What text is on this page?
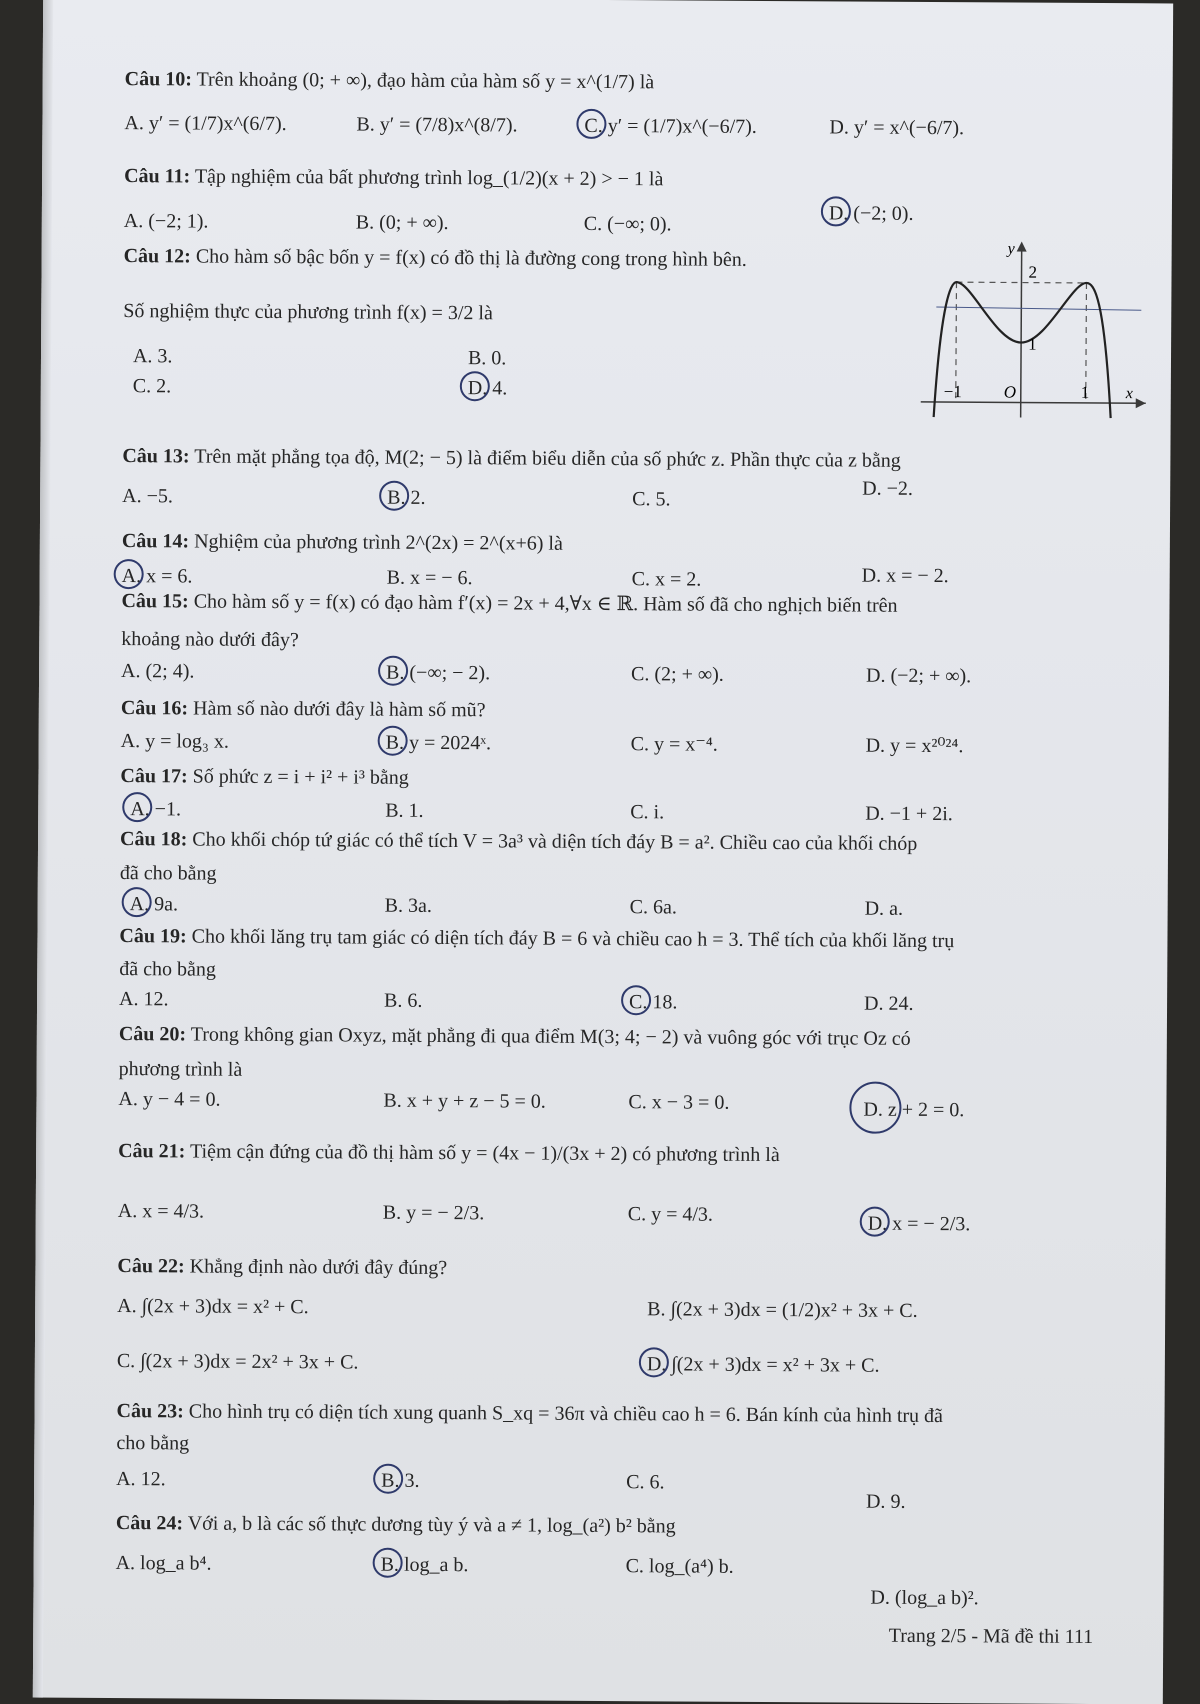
Câu 10: Trên khoảng (0; + ∞), đạo hàm của hàm số y = x^(1/7) là
A. y′ = (1/7)x^(6/7).	B. y′ = (7/8)x^(8/7).	C. y′ = (1/7)x^(−6/7).	D. y′ = x^(−6/7).
Câu 11: Tập nghiệm của bất phương trình log_(1/2)(x + 2) > − 1 là
A. (−2; 1).	B. (0; + ∞).	C. (−∞; 0).	D. (−2; 0).
Câu 12: Cho hàm số bậc bốn y = f(x) có đồ thị là đường cong trong hình bên.
Số nghiệm thực của phương trình f(x) = 3/2 là
A. 3.	B. 0.
C. 2.	D. 4.
y
2
1
−1 O	1 x
Câu 13: Trên mặt phẳng tọa độ, M(2; − 5) là điểm biểu diễn của số phức z. Phần thực của z bằng
A. −5.	B. 2.	C. 5.	D. −2.
Câu 14: Nghiệm của phương trình 2^(2x) = 2^(x+6) là
A. x = 6.	B. x = − 6.	C. x = 2.	D. x = − 2.
Câu 15: Cho hàm số y = f(x) có đạo hàm f′(x) = 2x + 4,∀x ∈ ℝ. Hàm số đã cho nghịch biến trên
khoảng nào dưới đây?
A. (2; 4).	B. (−∞; − 2).	C. (2; + ∞).	D. (−2; + ∞).
Câu 16: Hàm số nào dưới đây là hàm số mũ?
A. y = log₃ x.	B. y = 2024ˣ.	C. y = x⁻⁴.	D. y = x²⁰²⁴.
Câu 17: Số phức z = i + i² + i³ bằng
A. −1.	B. 1.	C. i.	D. −1 + 2i.
Câu 18: Cho khối chóp tứ giác có thể tích V = 3a³ và diện tích đáy B = a². Chiều cao của khối chóp
đã cho bằng
A. 9a.	B. 3a.	C. 6a.	D. a.
Câu 19: Cho khối lăng trụ tam giác có diện tích đáy B = 6 và chiều cao h = 3. Thể tích của khối lăng trụ
đã cho bằng
A. 12.	B. 6.	C. 18.	D. 24.
Câu 20: Trong không gian Oxyz, mặt phẳng đi qua điểm M(3; 4; − 2) và vuông góc với trục Oz có
phương trình là
A. y − 4 = 0.	B. x + y + z − 5 = 0.	C. x − 3 = 0.	D. z + 2 = 0.
Câu 21: Tiệm cận đứng của đồ thị hàm số y = (4x − 1)/(3x + 2) có phương trình là
A. x = 4/3.	B. y = − 2/3.	C. y = 4/3.	D. x = − 2/3.
Câu 22: Khẳng định nào dưới đây đúng?
A. ∫(2x + 3)dx = x² + C.	B. ∫(2x + 3)dx = (1/2)x² + 3x + C.
C. ∫(2x + 3)dx = 2x² + 3x + C.	D. ∫(2x + 3)dx = x² + 3x + C.
Câu 23: Cho hình trụ có diện tích xung quanh S_xq = 36π và chiều cao h = 6. Bán kính của hình trụ đã
cho bằng
A. 12.	B. 3.	C. 6.
D. 9.
Câu 24: Với a, b là các số thực dương tùy ý và a ≠ 1, log_(a²) b² bằng
A. log_a b⁴.	B. log_a b.	C. log_(a⁴) b.
D. (log_a b)².
Trang 2/5 - Mã đề thi 111
